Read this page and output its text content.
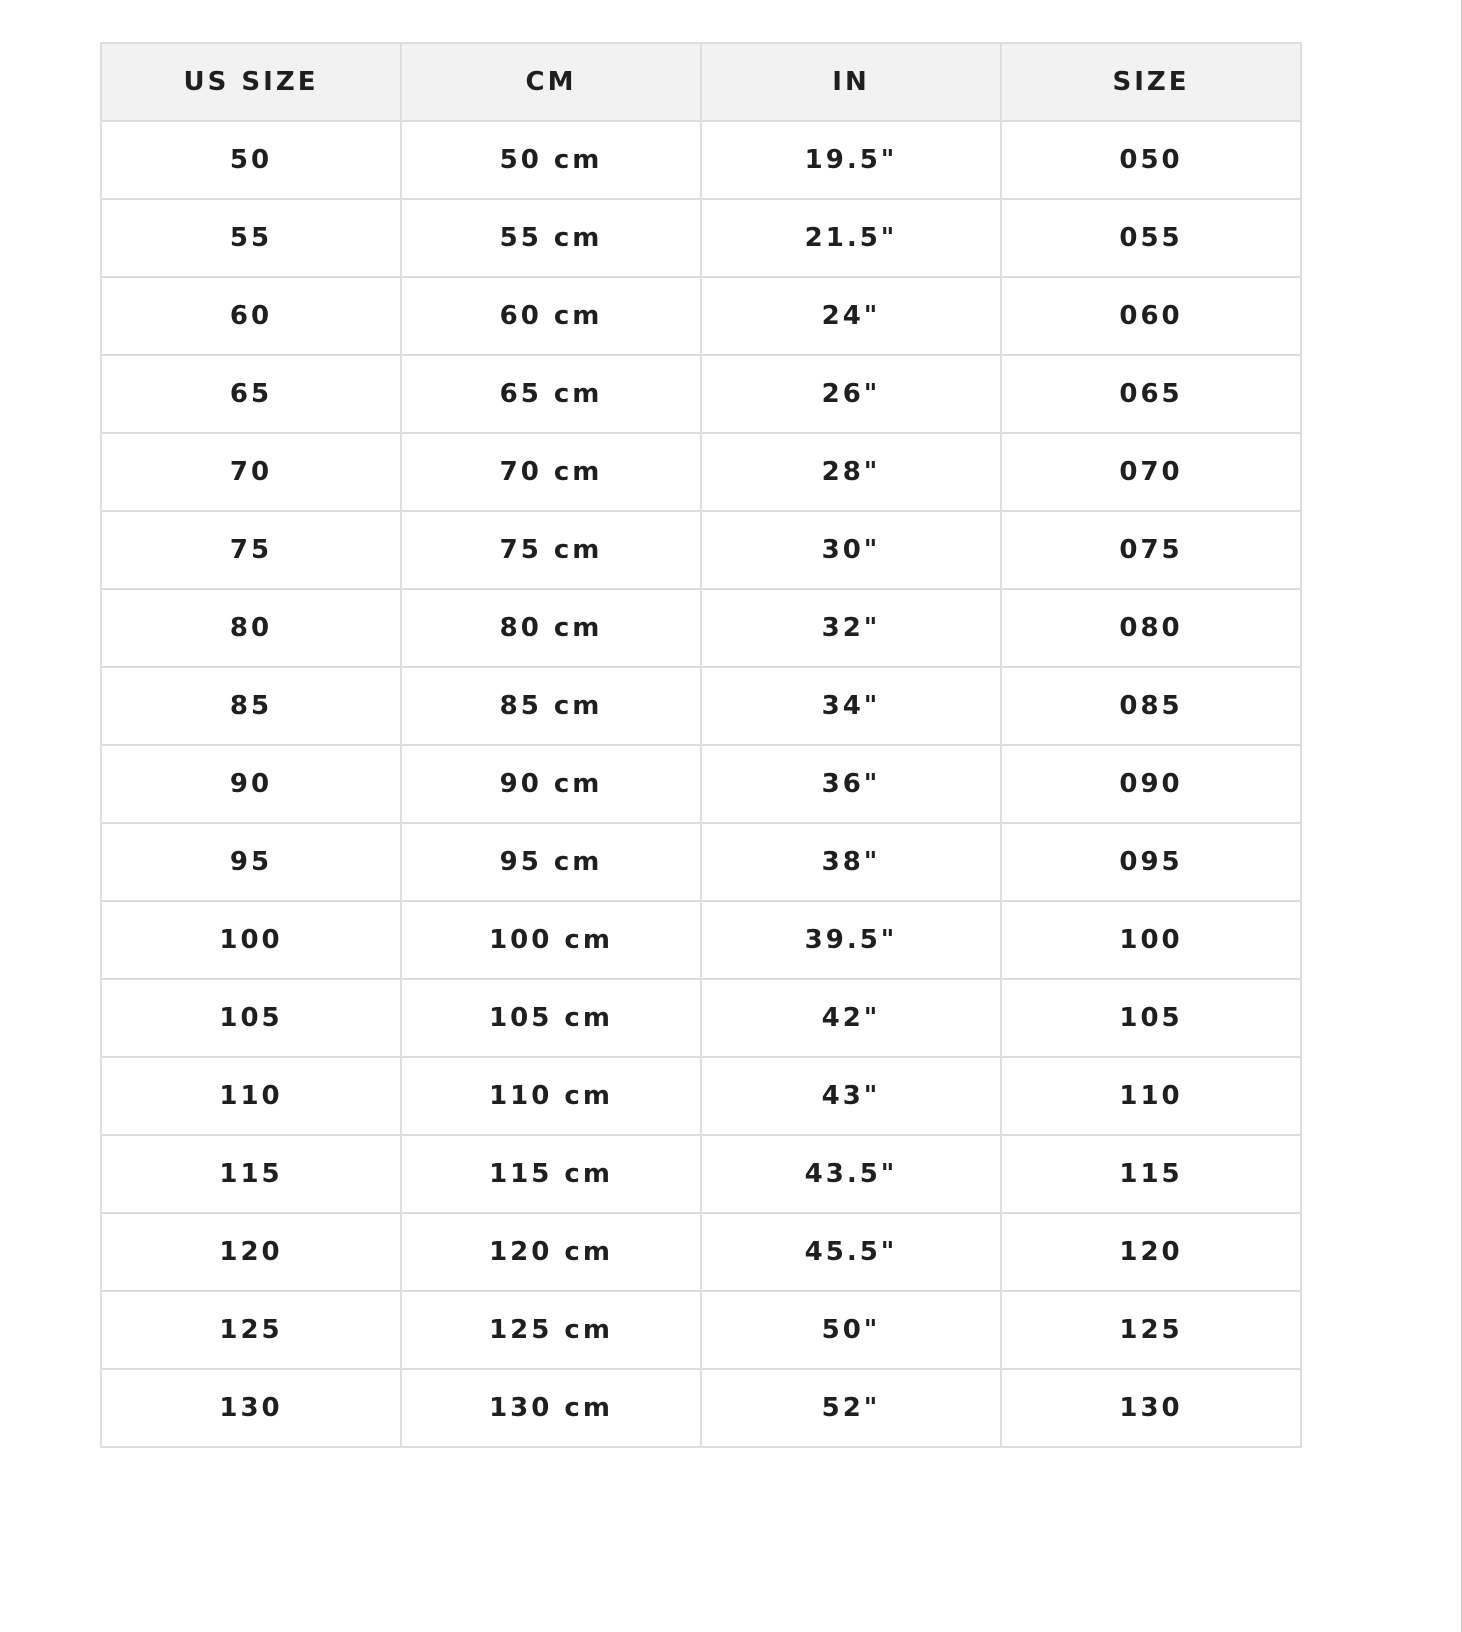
US SIZE	CM	IN	SIZE
50	50 cm	19.5"	050
55	55 cm	21.5"	055
60	60 cm	24"	060
65	65 cm	26"	065
70	70 cm	28"	070
75	75 cm	30"	075
80	80 cm	32"	080
85	85 cm	34"	085
90	90 cm	36"	090
95	95 cm	38"	095
100	100 cm	39.5"	100
105	105 cm	42"	105
110	110 cm	43"	110
115	115 cm	43.5"	115
120	120 cm	45.5"	120
125	125 cm	50"	125
130	130 cm	52"	130
